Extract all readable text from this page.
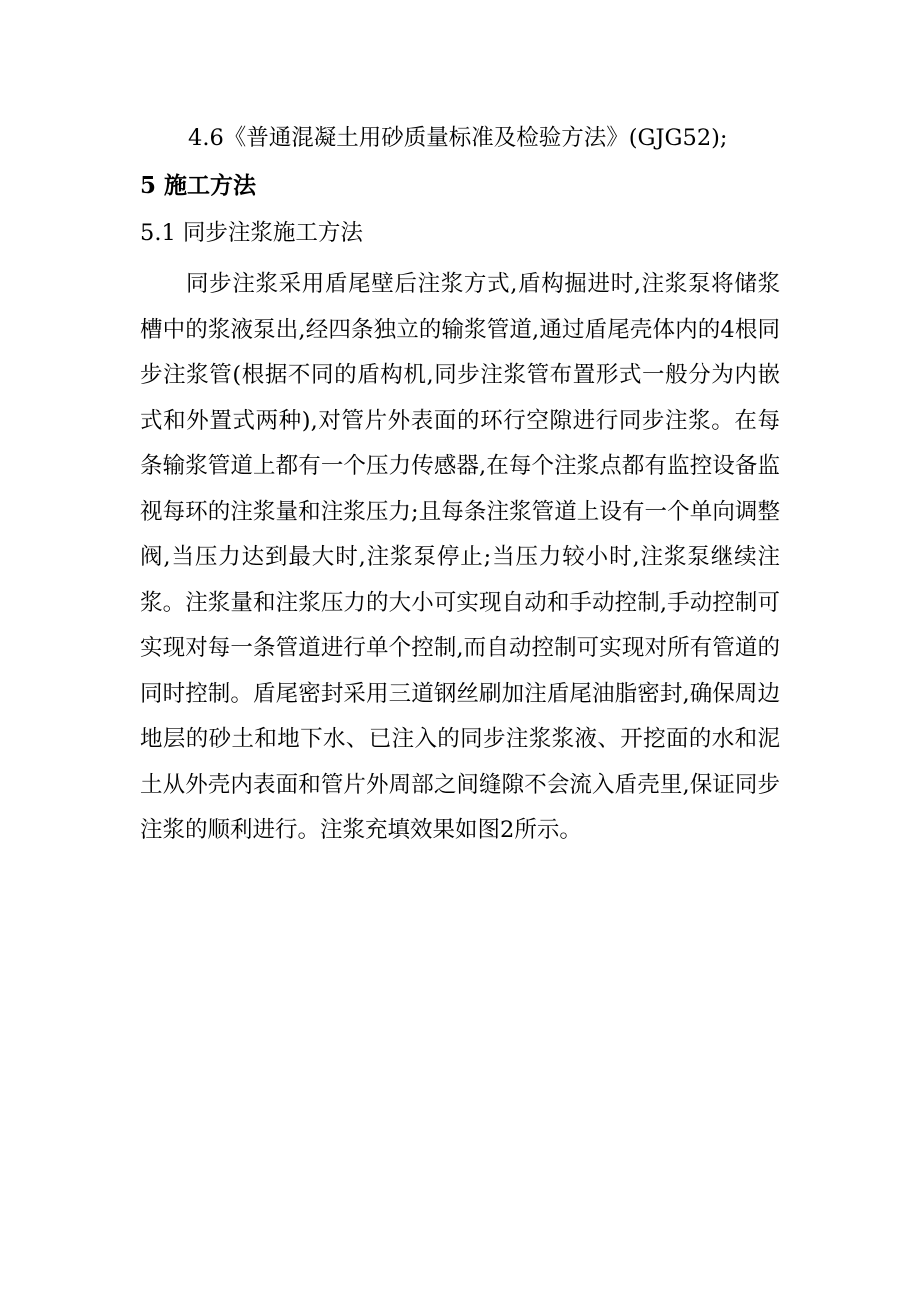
4.6《普通混凝土用砂质量标准及检验方法》(GJG52);
5 施工方法
5.1 同步注浆施工方法

同步注浆采用盾尾壁后注浆方式,盾构掘进时,注浆泵将储浆槽中的浆液泵出,经四条独立的输浆管道,通过盾尾壳体内的4根同步注浆管(根据不同的盾构机,同步注浆管布置形式一般分为内嵌式和外置式两种),对管片外表面的环行空隙进行同步注浆。在每条输浆管道上都有一个压力传感器,在每个注浆点都有监控设备监视每环的注浆量和注浆压力;且每条注浆管道上设有一个单向调整阀,当压力达到最大时,注浆泵停止;当压力较小时,注浆泵继续注浆。注浆量和注浆压力的大小可实现自动和手动控制,手动控制可实现对每一条管道进行单个控制,而自动控制可实现对所有管道的同时控制。盾尾密封采用三道钢丝刷加注盾尾油脂密封,确保周边地层的砂土和地下水、已注入的同步注浆浆液、开挖面的水和泥土从外壳内表面和管片外周部之间缝隙不会流入盾壳里,保证同步注浆的顺利进行。注浆充填效果如图2所示。
